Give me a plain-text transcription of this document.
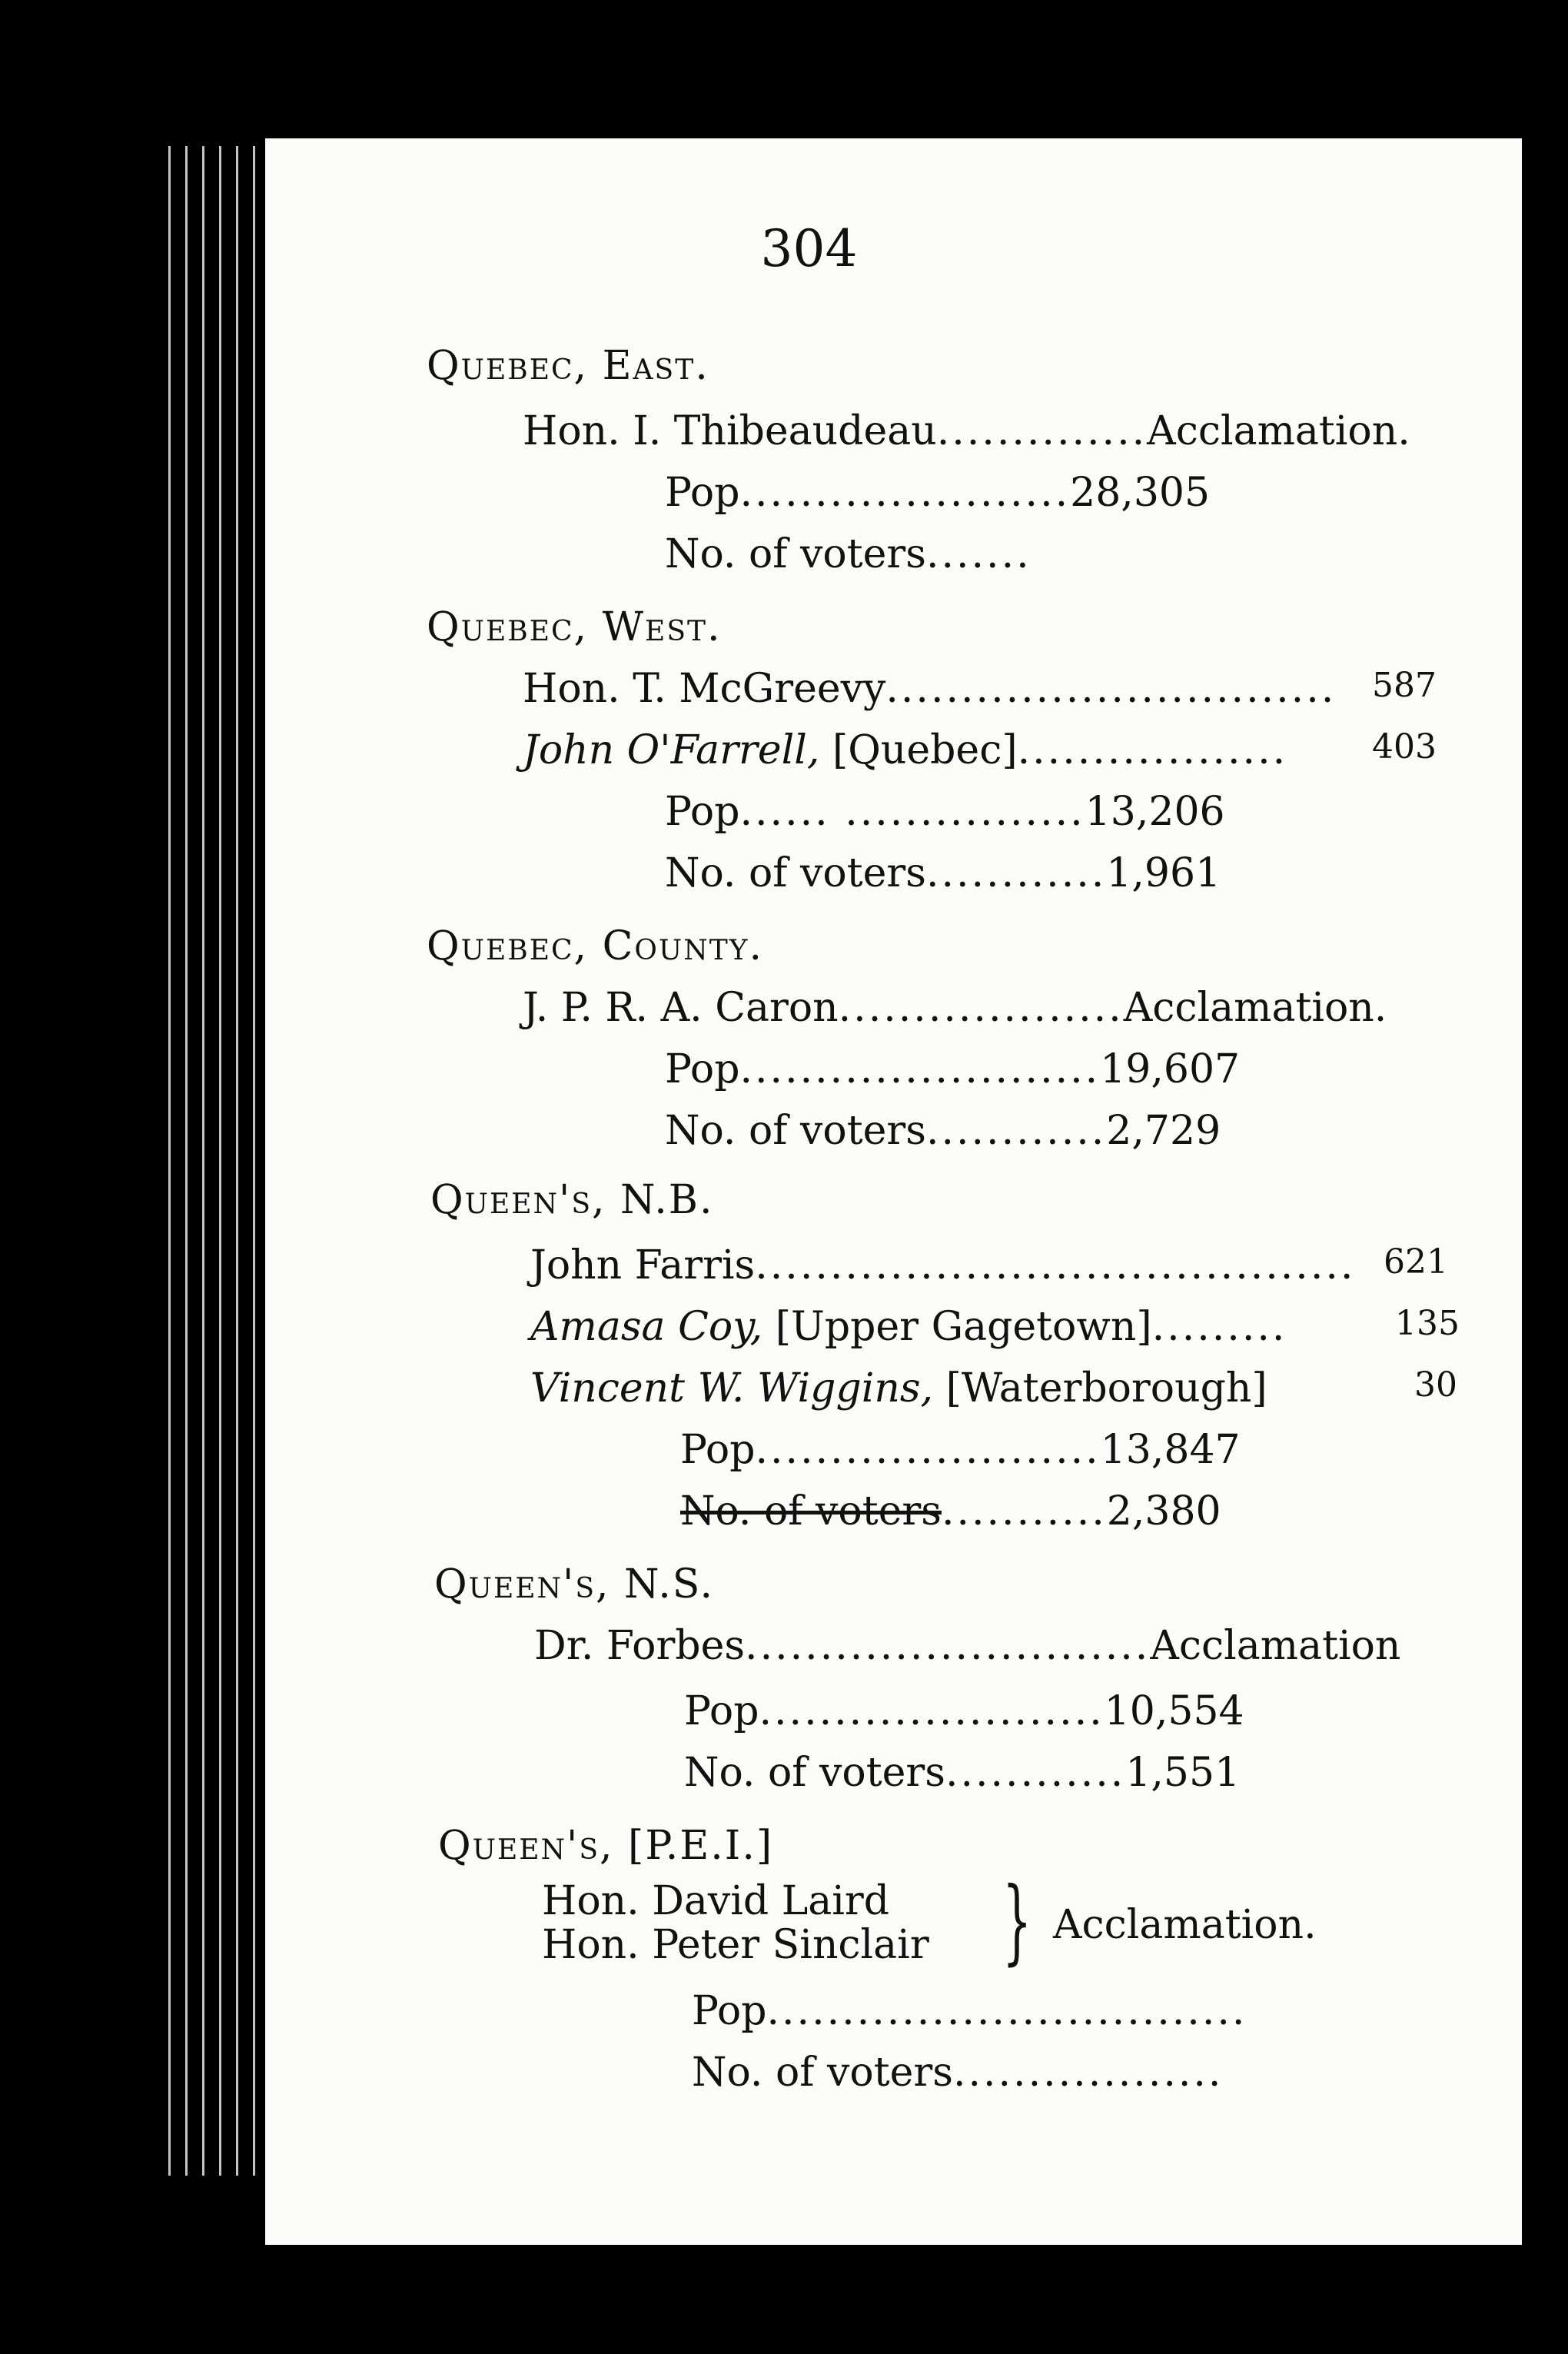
304
Quebec, East.
Hon. I. Thibeaudeau..............Acclamation.
Pop......................28,305
No. of voters.......
Quebec, West.
Hon. T. McGreevy.............................. 587
John O'Farrell, [Quebec].................. 403
Pop...... ................13,206
No. of voters............1,961
Quebec, County.
J. P. R. A. Caron...................Acclamation.
Pop........................19,607
No. of voters............2,729
Queen's, N.B.
John Farris........................................ 621
Amasa Coy, [Upper Gagetown].........	135
Vincent W. Wiggins, [Waterborough]	30
Pop.......................13,847
No. of voters...........2,380
Queen's, N.S.
Dr. Forbes...........................Acclamation
Pop.......................10,554
No. of voters............1,551
Queen's, [P.E.I.]
Hon. David Laird
Hon. Peter Sinclair } Acclamation.
Pop................................
No. of voters..................
